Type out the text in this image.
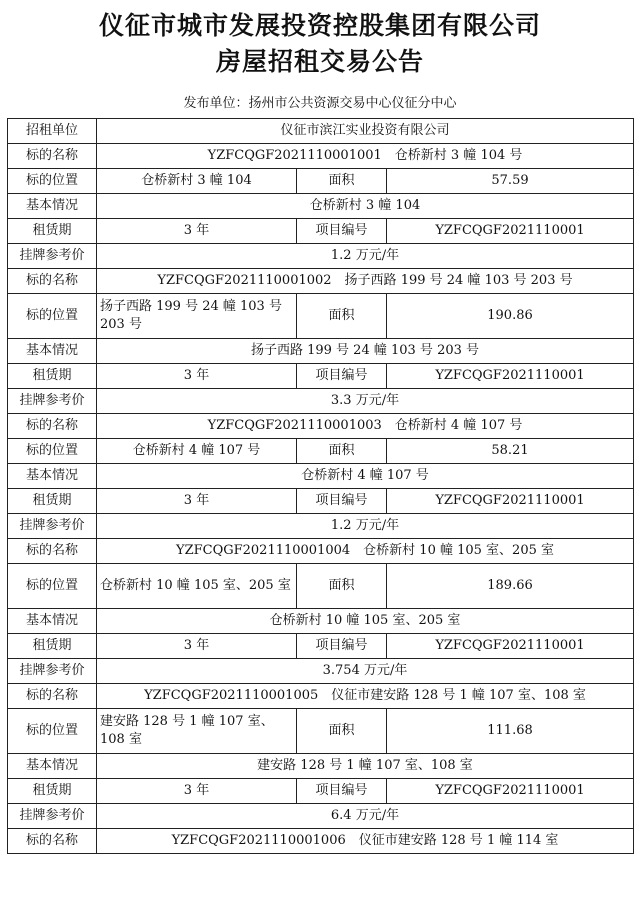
仪征市城市发展投资控股集团有限公司
房屋招租交易公告
发布单位：扬州市公共资源交易中心仪征分中心
招租单位	仪征市滨江实业投资有限公司		
标的名称	YZFCQGF2021110001001　仓桥新村 3 幢 104 号		
标的位置	仓桥新村 3 幢 104	面积	57.59
基本情况	仓桥新村 3 幢 104		
租赁期	3 年	项目编号	YZFCQGF2021110001
挂牌参考价	1.2 万元/年		
标的名称	YZFCQGF2021110001002　扬子西路 199 号 24 幢 103 号 203 号		
标的位置	扬子西路 199 号 24 幢 103 号 203 号	面积	190.86
基本情况	扬子西路 199 号 24 幢 103 号 203 号		
租赁期	3 年	项目编号	YZFCQGF2021110001
挂牌参考价	3.3 万元/年		
标的名称	YZFCQGF2021110001003　仓桥新村 4 幢 107 号		
标的位置	仓桥新村 4 幢 107 号	面积	58.21
基本情况	仓桥新村 4 幢 107 号		
租赁期	3 年	项目编号	YZFCQGF2021110001
挂牌参考价	1.2 万元/年		
标的名称	YZFCQGF2021110001004　仓桥新村 10 幢 105 室、205 室		
标的位置	仓桥新村 10 幢 105 室、205 室	面积	189.66
基本情况	仓桥新村 10 幢 105 室、205 室		
租赁期	3 年	项目编号	YZFCQGF2021110001
挂牌参考价	3.754 万元/年		
标的名称	YZFCQGF2021110001005　仪征市建安路 128 号 1 幢 107 室、108 室		
标的位置	建安路 128 号 1 幢 107 室、108 室	面积	111.68
基本情况	建安路 128 号 1 幢 107 室、108 室		
租赁期	3 年	项目编号	YZFCQGF2021110001
挂牌参考价	6.4 万元/年		
标的名称	YZFCQGF2021110001006　仪征市建安路 128 号 1 幢 114 室		
